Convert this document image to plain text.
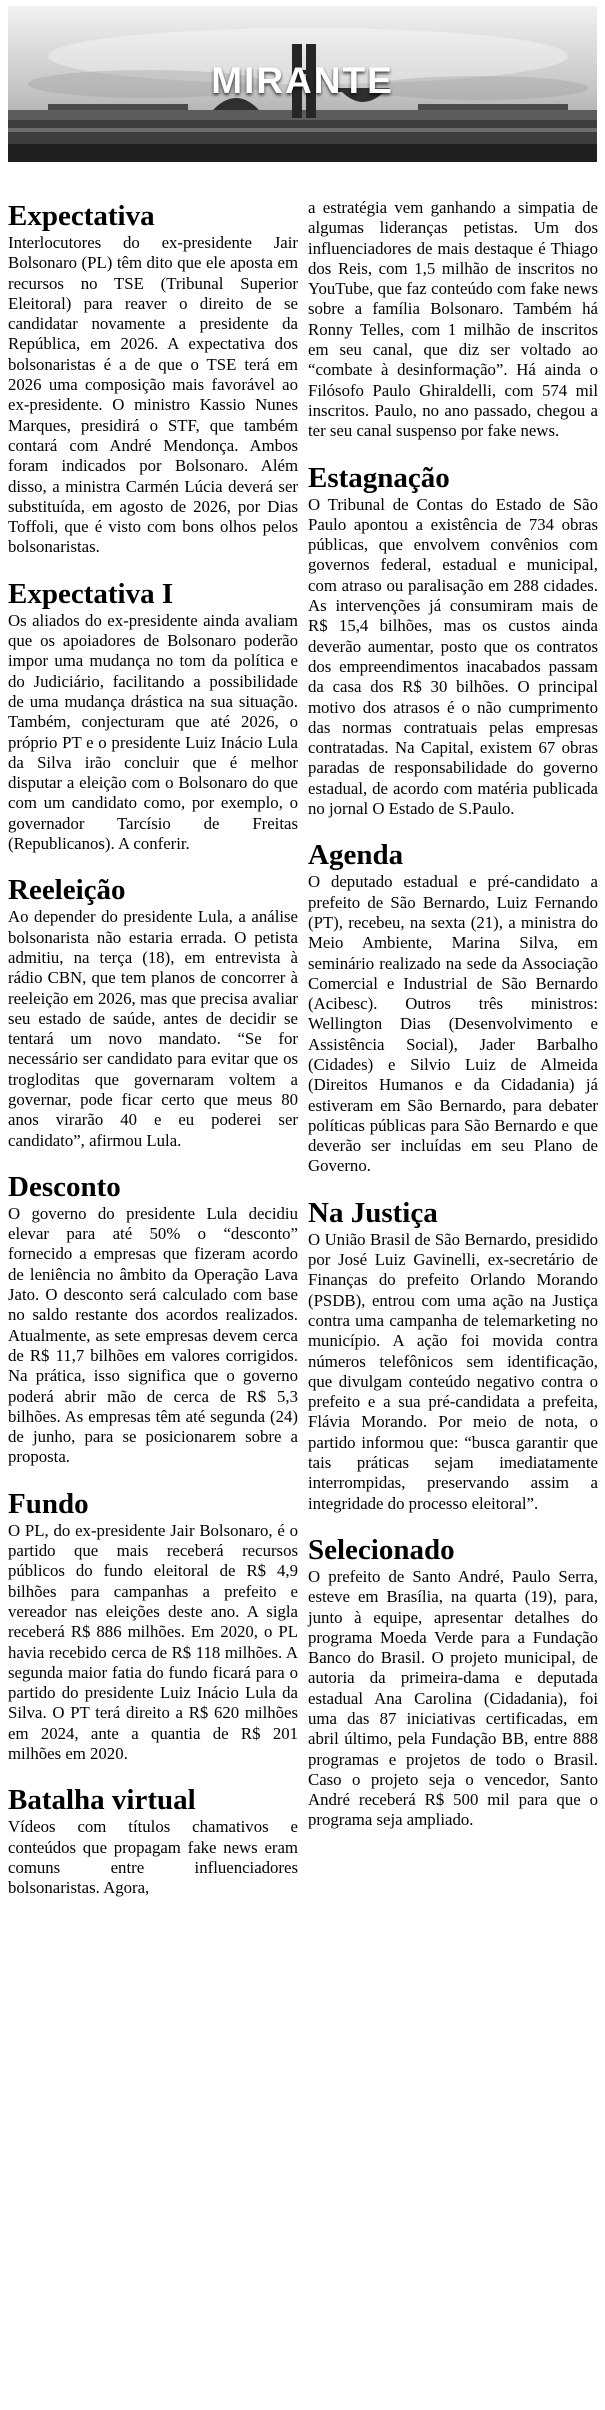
MIRANTE
Expectativa

Interlocutores do ex-presidente Jair Bolsonaro (PL) têm dito que ele aposta em recursos no TSE (Tribunal Superior Eleitoral) para reaver o direito de se candidatar novamente a presidente da República, em 2026. A expectativa dos bolsonaristas é a de que o TSE terá em 2026 uma composição mais favorável ao ex-presidente. O ministro Kassio Nunes Marques, presidirá o STF, que também contará com André Mendonça. Ambos foram indicados por Bolsonaro. Além disso, a ministra Carmén Lúcia deverá ser substituída, em agosto de 2026, por Dias Toffoli, que é visto com bons olhos pelos bolsonaristas.

Expectativa I

Os aliados do ex-presidente ainda avaliam que os apoiadores de Bolsonaro poderão impor uma mudança no tom da política e do Judiciário, facilitando a possibilidade de uma mudança drástica na sua situação. Também, conjecturam que até 2026, o próprio PT e o presidente Luiz Inácio Lula da Silva irão concluir que é melhor disputar a eleição com o Bolsonaro do que com um candidato como, por exemplo, o governador Tarcísio de Freitas (Republicanos). A conferir.

Reeleição

Ao depender do presidente Lula, a análise bolsonarista não estaria errada. O petista admitiu, na terça (18), em entrevista à rádio CBN, que tem planos de concorrer à reeleição em 2026, mas que precisa avaliar seu estado de saúde, antes de decidir se tentará um novo mandato. “Se for necessário ser candidato para evitar que os trogloditas que governaram voltem a governar, pode ficar certo que meus 80 anos virarão 40 e eu poderei ser candidato”, afirmou Lula.

Desconto

O governo do presidente Lula decidiu elevar para até 50% o “desconto” fornecido a empresas que fizeram acordo de leniência no âmbito da Operação Lava Jato. O desconto será calculado com base no saldo restante dos acordos realizados. Atualmente, as sete empresas devem cerca de R$ 11,7 bilhões em valores corrigidos. Na prática, isso significa que o governo poderá abrir mão de cerca de R$ 5,3 bilhões. As empresas têm até segunda (24) de junho, para se posicionarem sobre a proposta.

Fundo

O PL, do ex-presidente Jair Bolsonaro, é o partido que mais receberá recursos públicos do fundo eleitoral de R$ 4,9 bilhões para campanhas a prefeito e vereador nas eleições deste ano. A sigla receberá R$ 886 milhões. Em 2020, o PL havia recebido cerca de R$ 118 milhões. A segunda maior fatia do fundo ficará para o partido do presidente Luiz Inácio Lula da Silva. O PT terá direito a R$ 620 milhões em 2024, ante a quantia de R$ 201 milhões em 2020.

Batalha virtual

Vídeos com títulos chamativos e conteúdos que propagam fake news eram comuns entre influenciadores bolsonaristas. Agora,

a estratégia vem ganhando a simpatia de algumas lideranças petistas. Um dos influenciadores de mais destaque é Thiago dos Reis, com 1,5 milhão de inscritos no YouTube, que faz conteúdo com fake news sobre a família Bolsonaro. Também há Ronny Telles, com 1 milhão de inscritos em seu canal, que diz ser voltado ao “combate à desinformação”. Há ainda o Filósofo Paulo Ghiraldelli, com 574 mil inscritos. Paulo, no ano passado, chegou a ter seu canal suspenso por fake news.

Estagnação

O Tribunal de Contas do Estado de São Paulo apontou a existência de 734 obras públicas, que envolvem convênios com governos federal, estadual e municipal, com atraso ou paralisação em 288 cidades. As intervenções já consumiram mais de R$ 15,4 bilhões, mas os custos ainda deverão aumentar, posto que os contratos dos empreendimentos inacabados passam da casa dos R$ 30 bilhões. O principal motivo dos atrasos é o não cumprimento das normas contratuais pelas empresas contratadas. Na Capital, existem 67 obras paradas de responsabilidade do governo estadual, de acordo com matéria publicada no jornal O Estado de S.Paulo.

Agenda

O deputado estadual e pré-candidato a prefeito de São Bernardo, Luiz Fernando (PT), recebeu, na sexta (21), a ministra do Meio Ambiente, Marina Silva, em seminário realizado na sede da Associação Comercial e Industrial de São Bernardo (Acibesc). Outros três ministros: Wellington Dias (Desenvolvimento e Assistência Social), Jader Barbalho (Cidades) e Silvio Luiz de Almeida (Direitos Humanos e da Cidadania) já estiveram em São Bernardo, para debater políticas públicas para São Bernardo e que deverão ser incluídas em seu Plano de Governo.

Na Justiça

O União Brasil de São Bernardo, presidido por José Luiz Gavinelli, ex-secretário de Finanças do prefeito Orlando Morando (PSDB), entrou com uma ação na Justiça contra uma campanha de telemarketing no município. A ação foi movida contra números telefônicos sem identificação, que divulgam conteúdo negativo contra o prefeito e a sua pré-candidata a prefeita, Flávia Morando. Por meio de nota, o partido informou que: “busca garantir que tais práticas sejam imediatamente interrompidas, preservando assim a integridade do processo eleitoral”.

Selecionado

O prefeito de Santo André, Paulo Serra, esteve em Brasília, na quarta (19), para, junto à equipe, apresentar detalhes do programa Moeda Verde para a Fundação Banco do Brasil. O projeto municipal, de autoria da primeira-dama e deputada estadual Ana Carolina (Cidadania), foi uma das 87 iniciativas certificadas, em abril último, pela Fundação BB, entre 888 programas e projetos de todo o Brasil. Caso o projeto seja o vencedor, Santo André receberá R$ 500 mil para que o programa seja ampliado.
